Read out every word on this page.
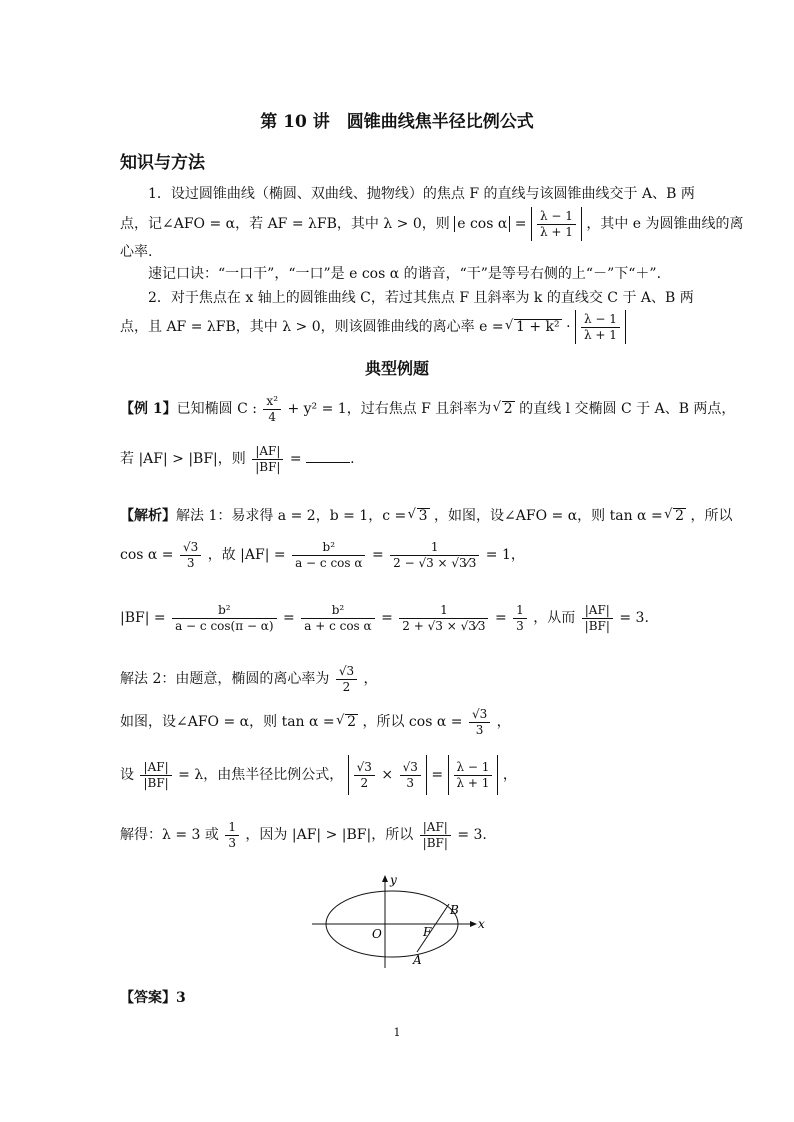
第 10 讲　圆锥曲线焦半径比例公式
知识与方法
1．设过圆锥曲线（椭圆、双曲线、抛物线）的焦点 F 的直线与该圆锥曲线交于 A、B 两
点，记∠AFO = α，若 AF = λFB，其中 λ > 0，则 e $\cos \alpha = \frac{\lambda - 1}{\lambda + 1}$ ，其中 e 为圆锥曲线的离
心率.
速记口诀：“一口干”，“一口”是 e cos α 的谐音，“干”是等号右侧的上“－”下“＋”.
2．对于焦点在 x 轴上的圆锥曲线 C，若过其焦点 F 且斜率为 k 的直线交 C 于 A、B 两
点，且 AF = λFB，其中 λ > 0，则该圆锥曲线的离心率 e = √ $1 + k^2 \cdot \frac{\lambda - 1}{\lambda + 1}$
典型例题
【例 1】已知椭圆 C : $\frac{\text{x²}}{4} + y^2 = 1$，过右焦点 F 且斜率为 √ 2 的直线 l 交椭圆 C 于 A、B 两点，
若 |AF| > |BF|，则 $\frac{|AF|}{|BF|}$ =	.
【解析】解法 1：易求得 a = 2，b = 1，c = √ 3 ，如图，设∠AFO = α，则 tan α = √ 2 ，所以
$\cos \alpha = \frac{√3}{3}$ ，故 $|AF| = \frac{\text{b²}}{\text{a − c cos α}} = \frac{1}{2 - √3 \times √3⁄3} = 1$，
$|BF| = \frac{\text{b²}}{\text{a − c cos(π − α)}} = \frac{\text{b²}}{\text{a + c cos α}} = \frac{1}{2 + √3 \times √3⁄3} = \frac{1}{3}$ ，从而 $\frac{|AF|}{|BF|} = 3$.
解法 2：由题意，椭圆的离心率为 $\frac{√3}{2}$ ，
如图，设∠AFO = α，则 tan α = √ 2 ，所以 $\cos \alpha = \frac{√3}{3}$ ，
设 $\frac{|AF|}{|BF|} = \lambda$，由焦半径比例公式， $\frac{√3}{2} \times \frac{√3}{3} = \frac{\lambda - 1}{\lambda + 1}$ ，
解得：λ = 3 或 $\frac{1}{3}$ ，因为 |AF| > |BF|，所以 $\frac{|AF|}{|BF|} = 3$.
y
x
O	F
A
B
【答案】3
1
